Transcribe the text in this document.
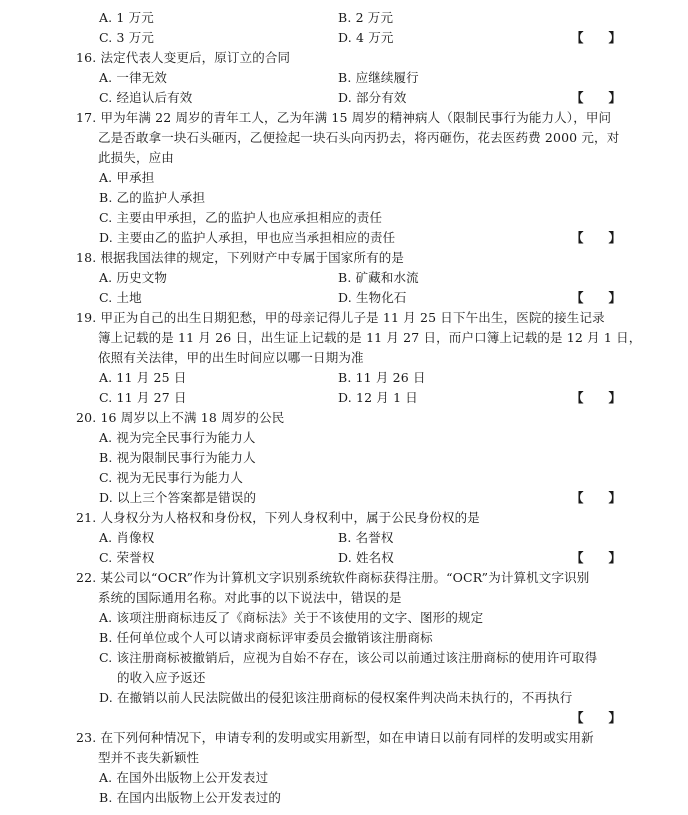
A. 1 万元	B. 2 万元
C. 3 万元	D. 4 万元	【　　】
16. 法定代表人变更后，原订立的合同
A. 一律无效	B. 应继续履行
C. 经追认后有效	D. 部分有效	【　　】
17. 甲为年满 22 周岁的青年工人，乙为年满 15 周岁的精神病人（限制民事行为能力人），甲问
乙是否敢拿一块石头砸丙，乙便捡起一块石头向丙扔去，将丙砸伤，花去医药费 2000 元，对
此损失，应由
A. 甲承担
B. 乙的监护人承担
C. 主要由甲承担，乙的监护人也应承担相应的责任
D. 主要由乙的监护人承担，甲也应当承担相应的责任	【　　】
18. 根据我国法律的规定，下列财产中专属于国家所有的是
A. 历史文物	B. 矿藏和水流
C. 土地	D. 生物化石	【　　】
19. 甲正为自己的出生日期犯愁，甲的母亲记得儿子是 11 月 25 日下午出生，医院的接生记录
簿上记载的是 11 月 26 日，出生证上记载的是 11 月 27 日，而户口簿上记载的是 12 月 1 日，
依照有关法律，甲的出生时间应以哪一日期为准
A. 11 月 25 日	B. 11 月 26 日
C. 11 月 27 日	D. 12 月 1 日	【　　】
20. 16 周岁以上不满 18 周岁的公民
A. 视为完全民事行为能力人
B. 视为限制民事行为能力人
C. 视为无民事行为能力人
D. 以上三个答案都是错误的	【　　】
21. 人身权分为人格权和身份权，下列人身权利中，属于公民身份权的是
A. 肖像权	B. 名誉权
C. 荣誉权	D. 姓名权	【　　】
22. 某公司以“OCR”作为计算机文字识别系统软件商标获得注册。“OCR”为计算机文字识别
系统的国际通用名称。对此事的以下说法中，错误的是
A. 该项注册商标违反了《商标法》关于不该使用的文字、图形的规定
B. 任何单位或个人可以请求商标评审委员会撤销该注册商标
C. 该注册商标被撤销后，应视为自始不存在，该公司以前通过该注册商标的使用许可取得
的收入应予返还
D. 在撤销以前人民法院做出的侵犯该注册商标的侵权案件判决尚未执行的，不再执行
【　　】
23. 在下列何种情况下，申请专利的发明或实用新型，如在申请日以前有同样的发明或实用新
型并不丧失新颖性
A. 在国外出版物上公开发表过
B. 在国内出版物上公开发表过的
